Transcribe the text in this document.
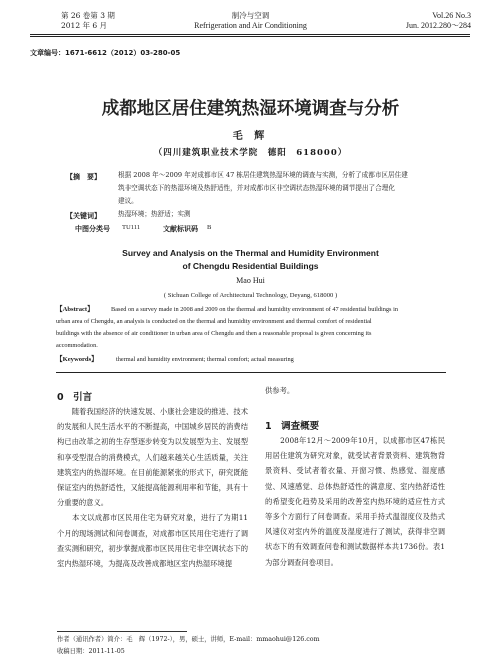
第 26 卷第 3 期
2012 年 6 月
制冷与空调
Refrigeration and Air Conditioning
Vol.26 No.3
Jun. 2012.280～284
文章编号：1671-6612（2012）03-280-05
成都地区居住建筑热湿环境调查与分析
毛 辉
（四川建筑职业技术学院　德阳　618000）
【摘　要】	根据 2008 年～2009 年对成都市区 47 栋居住建筑热湿环境的调查与实测，分析了成都市区居住建
筑非空调状态下的热湿环境及热舒适性，并对成都市区非空调状态热湿环境的调节提出了合理化
建议。
【关键词】	热湿环境；热舒适；实测
中图分类号 TU111	文献标识码 B
Survey and Analysis on the Thermal and Humidity Environment
of Chengdu Residential Buildings
Mao Hui
( Sichuan College of Architectural Technology, Deyang, 618000 )
【Abstract】	Based on a survey made in 2008 and 2009 on the thermal and humidity environment of 47 residential buildings in
urban area of Chengdu, an analysis is conducted on the thermal and humidity environment and thermal comfort of residential
buildings with the absence of air conditioner in urban area of Chengdu and then a reasonable proposal is given concerning its
accommodation.
【Keywords】	thermal and humidity environment; thermal comfort; actual measuring
0　引言

　　随着我国经济的快速发展、小康社会建设的推进、技术的发展和人民生活水平的不断提高，中国城乡居民的消费结构已由改革之初的生存型逐步转变为以发展型为主、发展型和享受型混合的消费模式，人们越来越关心生活质量，关注建筑室内的热湿环境。在目前能源紧张的形式下，研究既能保证室内的热舒适性，又能提高能源利用率和节能，具有十分重要的意义。

　　本文以成都市区民用住宅为研究对象，进行了为期11个月的现场测试和问卷调查，对成都市区民用住宅进行了调查实测和研究，初步掌握成都市区民用住宅非空调状态下的室内热湿环境，为提高及改善成都地区室内热湿环境提

供参考。
1　调查概要

　　2008年12月～2009年10月，以成都市区47栋民用居住建筑为研究对象，就受试者背景资料、建筑物背景资料、受试者着衣量、开窗习惯、热感觉、湿度感觉、风速感觉、总体热舒适性的满意度、室内热舒适性的希望变化趋势及采用的改善室内热环境的适应性方式等多个方面行了问卷调查。采用手持式温湿度仪及热式风速仪对室内外的温度及湿度进行了测试，获得非空调状态下的有效调查问卷和测试数据样本共1736份。表1为部分调查问卷项目。

作者（通讯作者）简介：毛　辉（1972-），男，硕士，讲师，E-mail：mmaohui@126.com
收稿日期：2011-11-05
